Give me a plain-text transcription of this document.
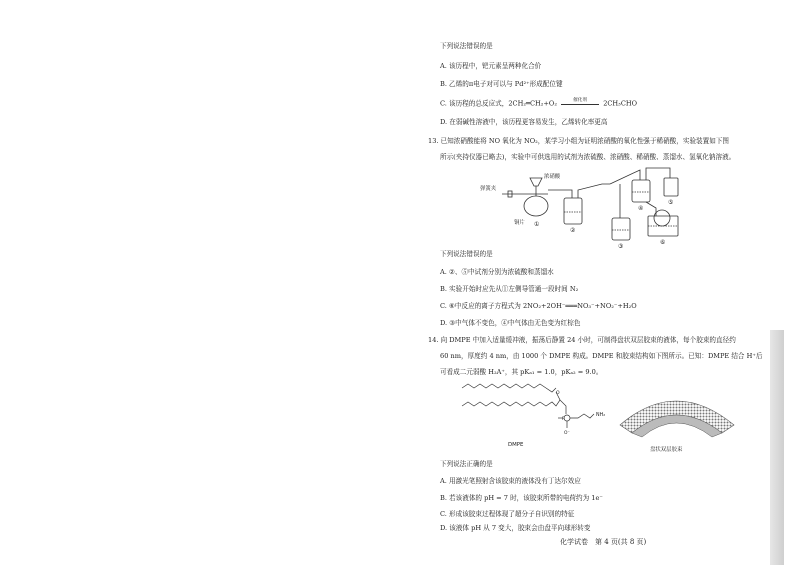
下列说法错误的是
A. 该历程中，钯元素呈两种化合价
B. 乙烯的π电子对可以与 Pd²⁺形成配位键
C. 该历程的总反应式，2CH₂═CH₂+O₂	催化剂	2CH₃CHO
D. 在弱碱性溶液中，该历程更容易发生，乙烯转化率更高
13. 已知浓硝酸能将 NO 氧化为 NO₂，某学习小组为证明浓硝酸的氧化性强于稀硝酸，实验装置如下图
所示(夹持仪器已略去)，实验中可供选用的试剂为浓硫酸、浓硝酸、稀硝酸、蒸馏水、氢氧化钠溶液。
弹簧夹
浓硝酸
铜片 ①
②
③
④
⑤
⑥
下列说法错误的是
A. ②、⑤中试剂分别为浓硫酸和蒸馏水
B. 实验开始时应先从①左侧导管通一段时间 N₂
C. ⑥中反应的离子方程式为 2NO₂+2OH⁻═══NO₃⁻+NO₂⁻+H₂O
D. ③中气体不变色，④中气体由无色变为红棕色
14. 向 DMPE 中加入适量缓冲液，振荡后静置 24 小时，可制得盘状双层胶束的液体，每个胶束的直径约
60 nm，厚度约 4 nm，由 1000 个 DMPE 构成。DMPE 和胶束结构如下图所示。已知：DMPE 结合 H⁺后
可看成二元弱酸 H₂A⁺，其 pKₐ₁ = 1.0，pKₐ₂ = 9.0。
O
P
O⁻
NH₂
DMPE
盘状双层胶束
下列说法正确的是
A. 用激光笔照射含该胶束的液体没有丁达尔效应
B. 若该液体的 pH = 7 时，该胶束所带的电荷约为 1e⁻
C. 形成该胶束过程体现了超分子自识别的特征
D. 该液体 pH 从 7 变大，胶束会由盘平向球形转变
化学试卷　第 4 页(共 8 页)
